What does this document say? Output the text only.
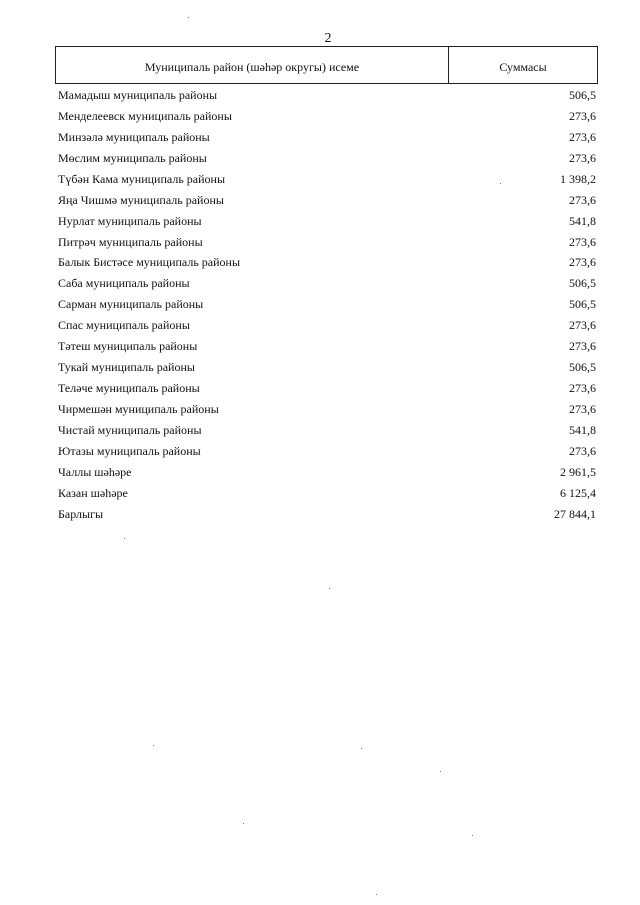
2
Муниципаль район (шәһәр округы) исеме	Суммасы
Мамадыш муниципаль районы	506,5
Менделеевск муниципаль районы	273,6
Минзәлә муниципаль районы	273,6
Мөслим муниципаль районы	273,6
Түбән Кама муниципаль районы	1 398,2
Яңа Чишмә муниципаль районы	273,6
Нурлат муниципаль районы	541,8
Питрәч муниципаль районы	273,6
Балык Бистәсе муниципаль районы	273,6
Саба муниципаль районы	506,5
Сарман муниципаль районы	506,5
Спас муниципаль районы	273,6
Тәтеш муниципаль районы	273,6
Тукай муниципаль районы	506,5
Теләче муниципаль районы	273,6
Чирмешән муниципаль районы	273,6
Чистай муниципаль районы	541,8
Ютазы муниципаль районы	273,6
Чаллы шәһәре	2 961,5
Казан шәһәре	6 125,4
Барлыгы	27 844,1
